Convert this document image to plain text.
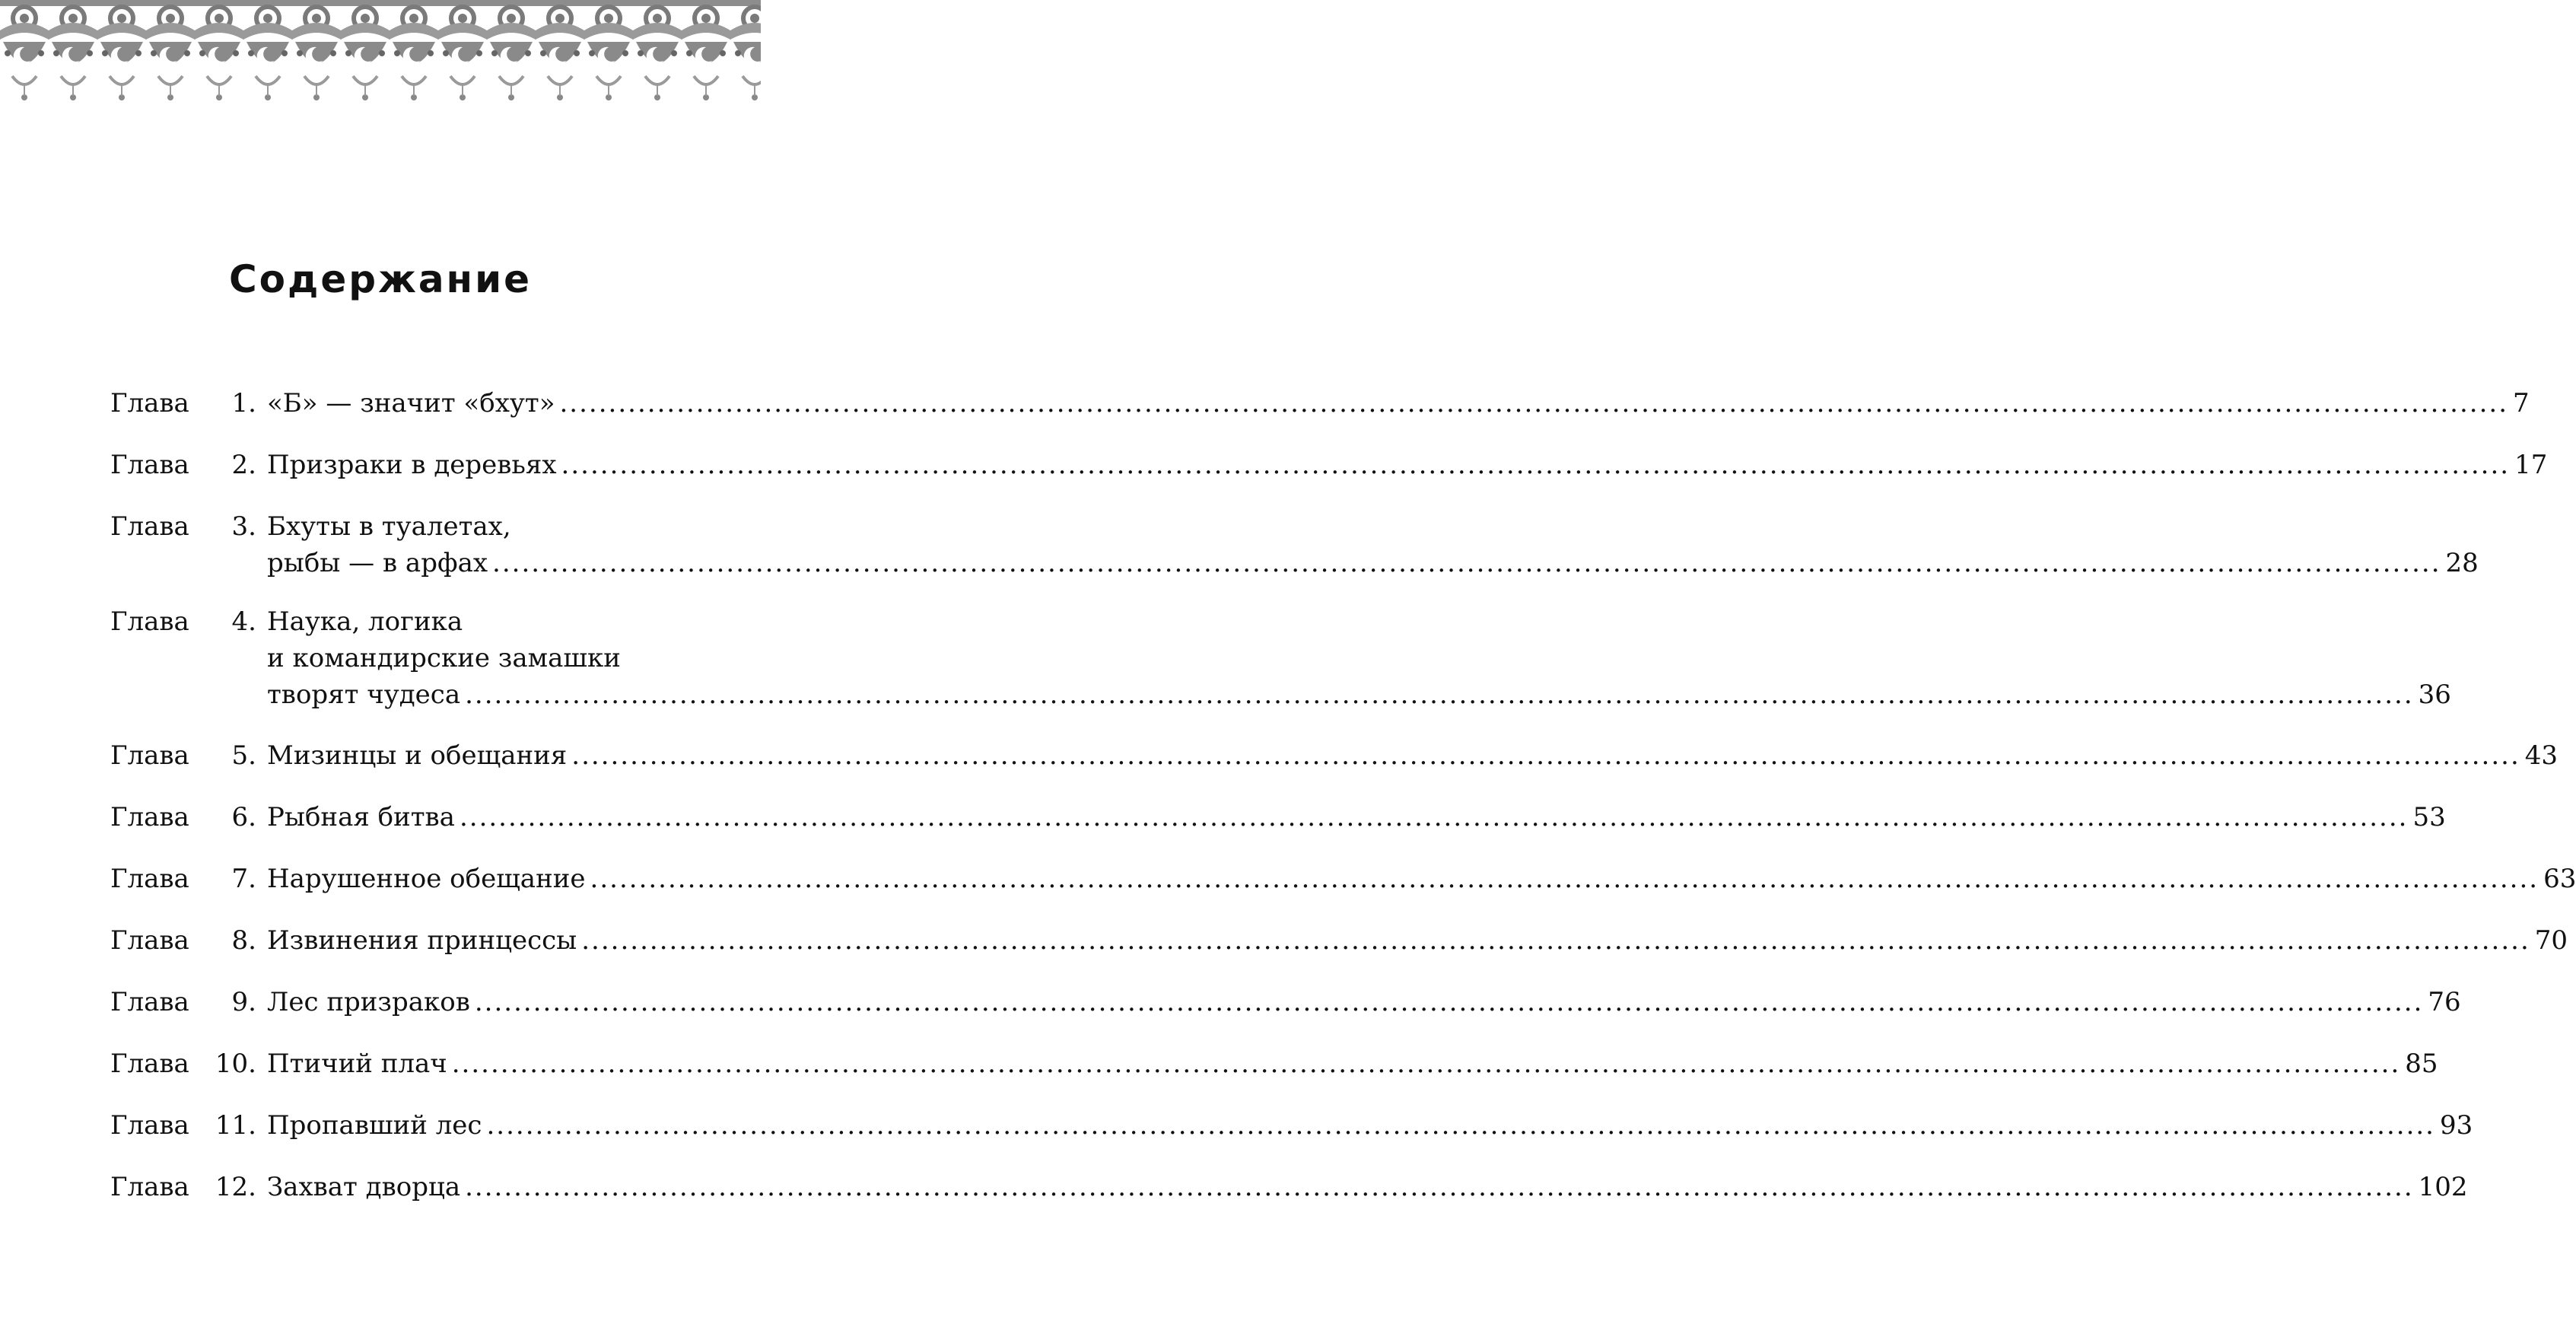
Содержание
Глава	1. «Б» — значит «бхут» ........................................................................................................................................................................................................ 7
Глава	2. Призраки в деревьях ........................................................................................................................................................................................................ 17
Глава	3. Бхуты в туалетах,
рыбы — в арфах ........................................................................................................................................................................................................ 28
Глава	4. Наука, логика
и командирские замашки
творят чудеса ........................................................................................................................................................................................................ 36
Глава	5. Мизинцы и обещания ........................................................................................................................................................................................................ 43
Глава	6. Рыбная битва ........................................................................................................................................................................................................ 53
Глава	7. Нарушенное обещание ........................................................................................................................................................................................................ 63
Глава	8. Извинения принцессы ........................................................................................................................................................................................................ 70
Глава	9. Лес призраков ........................................................................................................................................................................................................ 76
Глава	10. Птичий плач ........................................................................................................................................................................................................ 85
Глава	11. Пропавший лес ........................................................................................................................................................................................................ 93
Глава	12. Захват дворца ........................................................................................................................................................................................................ 102
